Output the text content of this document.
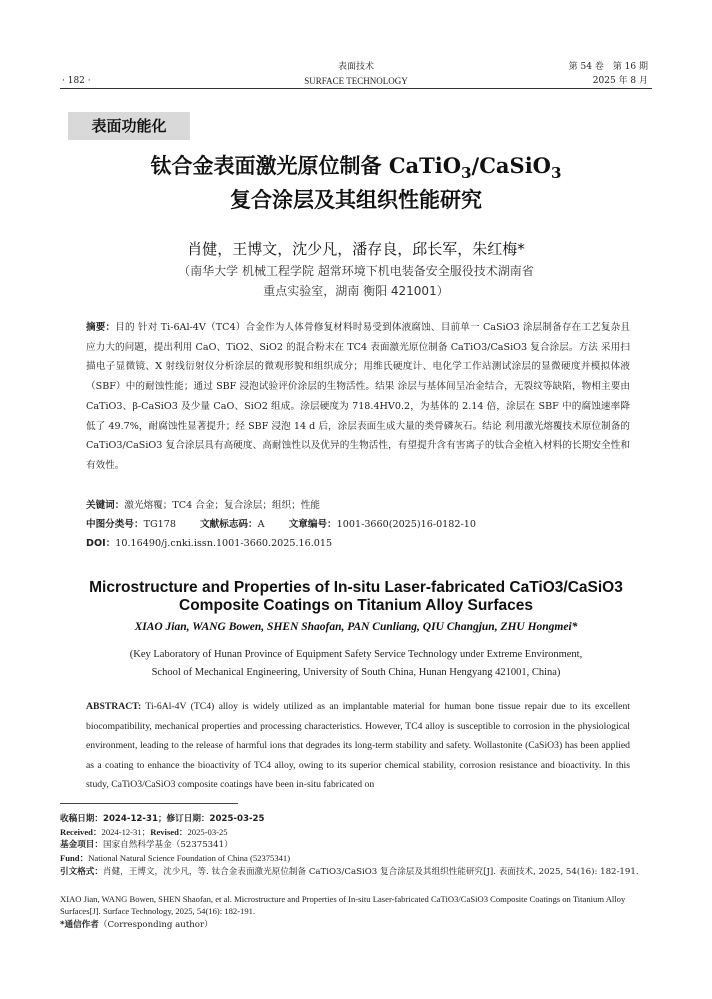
表面技术
· 182 ·	SURFACE TECHNOLOGY
第 54 卷　第 16 期
2025 年 8 月
表面功能化
钛合金表面激光原位制备 CaTiO$_3$/CaSiO$_3$
复合涂层及其组织性能研究
肖健，王博文，沈少凡，潘存良，邱长军，朱红梅*
（南华大学 机械工程学院 超常环境下机电装备安全服役技术湖南省
重点实验室，湖南 衡阳 421001）
摘要：目的 针对 Ti-6Al-4V（TC4）合金作为人体骨修复材料时易受到体液腐蚀、目前单一 CaSiO3 涂层制备存在工艺复杂且应力大的问题，提出利用 CaO、TiO2、SiO2 的混合粉末在 TC4 表面激光原位制备 CaTiO3/CaSiO3 复合涂层。方法 采用扫描电子显微镜、X 射线衍射仪分析涂层的微观形貌和组织成分；用维氏硬度计、电化学工作站测试涂层的显微硬度并模拟体液（SBF）中的耐蚀性能；通过 SBF 浸泡试验评价涂层的生物活性。结果 涂层与基体间呈冶金结合，无裂纹等缺陷，物相主要由 CaTiO3、β-CaSiO3 及少量 CaO、SiO2 组成。涂层硬度为 718.4HV0.2，为基体的 2.14 倍，涂层在 SBF 中的腐蚀速率降低了 49.7%，耐腐蚀性显著提升；经 SBF 浸泡 14 d 后，涂层表面生成大量的类骨磷灰石。结论 利用激光熔覆技术原位制备的 CaTiO3/CaSiO3 复合涂层具有高硬度、高耐蚀性以及优异的生物活性，有望提升含有害离子的钛合金植入材料的长期安全性和有效性。
关键词：激光熔覆；TC4 合金；复合涂层；组织；性能
中图分类号：TG178	文献标志码：A	文章编号：1001-3660(2025)16-0182-10
DOI：10.16490/j.cnki.issn.1001-3660.2025.16.015
Microstructure and Properties of In-situ Laser-fabricated CaTiO3/CaSiO3
Composite Coatings on Titanium Alloy Surfaces
XIAO Jian, WANG Bowen, SHEN Shaofan, PAN Cunliang, QIU Changjun, ZHU Hongmei*
(Key Laboratory of Hunan Province of Equipment Safety Service Technology under Extreme Environment,
School of Mechanical Engineering, University of South China, Hunan Hengyang 421001, China)
ABSTRACT: Ti-6Al-4V (TC4) alloy is widely utilized as an implantable material for human bone tissue repair due to its excellent biocompatibility, mechanical properties and processing characteristics. However, TC4 alloy is susceptible to corrosion in the physiological environment, leading to the release of harmful ions that degrades its long-term stability and safety. Wollastonite (CaSiO3) has been applied as a coating to enhance the bioactivity of TC4 alloy, owing to its superior chemical stability, corrosion resistance and bioactivity. In this study, CaTiO3/CaSiO3 composite coatings have been in-situ fabricated on
收稿日期：2024-12-31；修订日期：2025-03-25
Received：2024-12-31；Revised：2025-03-25
基金项目：国家自然科学基金（52375341）
Fund：National Natural Science Foundation of China (52375341)
引文格式：肖健，王博文，沈少凡，等. 钛合金表面激光原位制备 CaTiO3/CaSiO3 复合涂层及其组织性能研究[J]. 表面技术, 2025, 54(16): 182-191.
XIAO Jian, WANG Bowen, SHEN Shaofan, et al. Microstructure and Properties of In-situ Laser-fabricated CaTiO3/CaSiO3 Composite Coatings on Titanium Alloy Surfaces[J]. Surface Technology, 2025, 54(16): 182-191.
*通信作者（Corresponding author）
